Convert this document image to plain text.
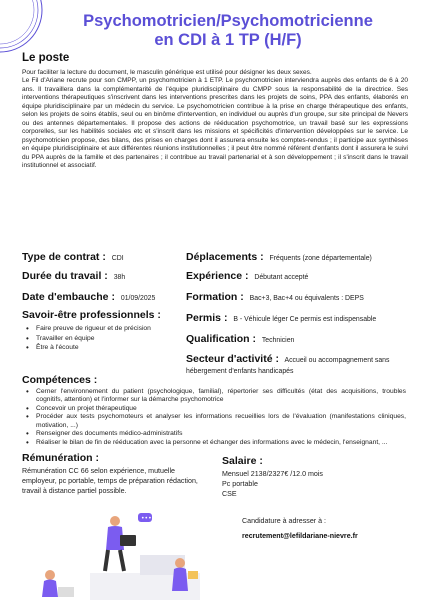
Psychomotricien/Psychomotricienne
en CDI à 1 TP (H/F)
Le poste
Pour faciliter la lecture du document, le masculin générique est utilisé pour désigner les deux sexes.
Le Fil d'Ariane recrute pour son CMPP, un psychomotricien à 1 ETP. Le psychomotricien interviendra auprès des enfants de 6 à 20 ans. Il travaillera dans la complémentarité de l'équipe pluridisciplinaire du CMPP sous la responsabilité de la directrice. Ses interventions thérapeutiques s'inscrivent dans les interventions prescrites dans les projets de soins, PPA des enfants, élaborés en équipe pluridisciplinaire par un médecin du service. Le psychomotricien contribue à la prise en charge thérapeutique des enfants, selon les projets de soins établis, seul ou en binôme d'intervention, en individuel ou auprès d'un groupe, sur site principal de Nevers ou des antennes départementales. Il propose des actions de rééducation psychomotrice, un travail basé sur les expressions corporelles, sur les habilités sociales etc et s'inscrit dans les missions et spécificités d'intervention développées sur le service. Le psychomotricien propose, des bilans, des prises en charges dont il assurera ensuite les comptes-rendus ; il participe aux synthèses en équipe pluridisciplinaire et aux différentes réunions institutionnelles ; il peut être nommé référent d'enfants dont il assurera le suivi du PPA auprès de la famille et des partenaires ; il contribue au travail partenarial et à son développement ; il s'inscrit dans le travail institutionnel et associatif.
Type de contrat : CDI
Durée du travail : 38h
Date d'embauche : 01/09/2025
Déplacements : Fréquents (zone départementale)
Expérience : Débutant accepté
Formation : Bac+3, Bac+4 ou équivalents : DEPS
Permis : B - Véhicule léger Ce permis est indispensable
Qualification : Technicien
Secteur d'activité : Accueil ou accompagnement sans hébergement d'enfants handicapés
Savoir-être professionnels :
• Faire preuve de rigueur et de précision
• Travailler en équipe
• Être à l'écoute
Compétences :
• Cerner l'environnement du patient (psychologique, familial), répertorier ses difficultés (état des acquisitions, troubles cognitifs, attention) et l'informer sur la démarche psychomotrice
• Concevoir un projet thérapeutique
• Procéder aux tests psychomoteurs et analyser les informations recueillies lors de l'évaluation (manifestations cliniques, motivation, ...)
• Renseigner des documents médico-administratifs
• Réaliser le bilan de fin de rééducation avec la personne et échanger des informations avec le médecin, l'enseignant, ...
Rémunération :
Rémunération CC 66 selon expérience, mutuelle employeur, pc portable, temps de préparation rédaction, travail à distance partiel possible.
Salaire :
Mensuel 2138/2327€ /12.0 mois
Pc portable
CSE
Candidature à adresser à :
recrutement@lefildariane-nievre.fr
•••
